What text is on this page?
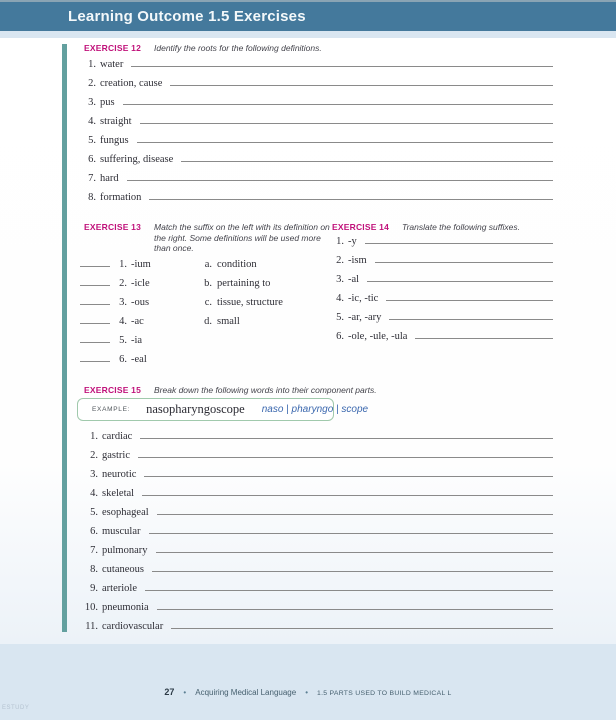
Learning Outcome 1.5 Exercises
EXERCISE 12 Identify the roots for the following definitions.
1. water
2. creation, cause
3. pus
4. straight
5. fungus
6. suffering, disease
7. hard
8. formation
EXERCISE 13 Match the suffix on the left with its definition on the right. Some definitions will be used more than once.
1. -ium
2. -icle
3. -ous
4. -ac
5. -ia
6. -eal
a. condition
b. pertaining to
c. tissue, structure
d. small
EXERCISE 14 Translate the following suffixes.
1. -y
2. -ism
3. -al
4. -ic, -tic
5. -ar, -ary
6. -ole, -ule, -ula
EXERCISE 15 Break down the following words into their component parts.
EXAMPLE: nasopharyngoscope naso | pharyngo | scope
1. cardiac
2. gastric
3. neurotic
4. skeletal
5. esophageal
6. muscular
7. pulmonary
8. cutaneous
9. arteriole
10. pneumonia
11. cardiovascular
27 • Acquiring Medical Language • 1.5 PARTS USED TO BUILD MEDICAL L
ESTUDY
